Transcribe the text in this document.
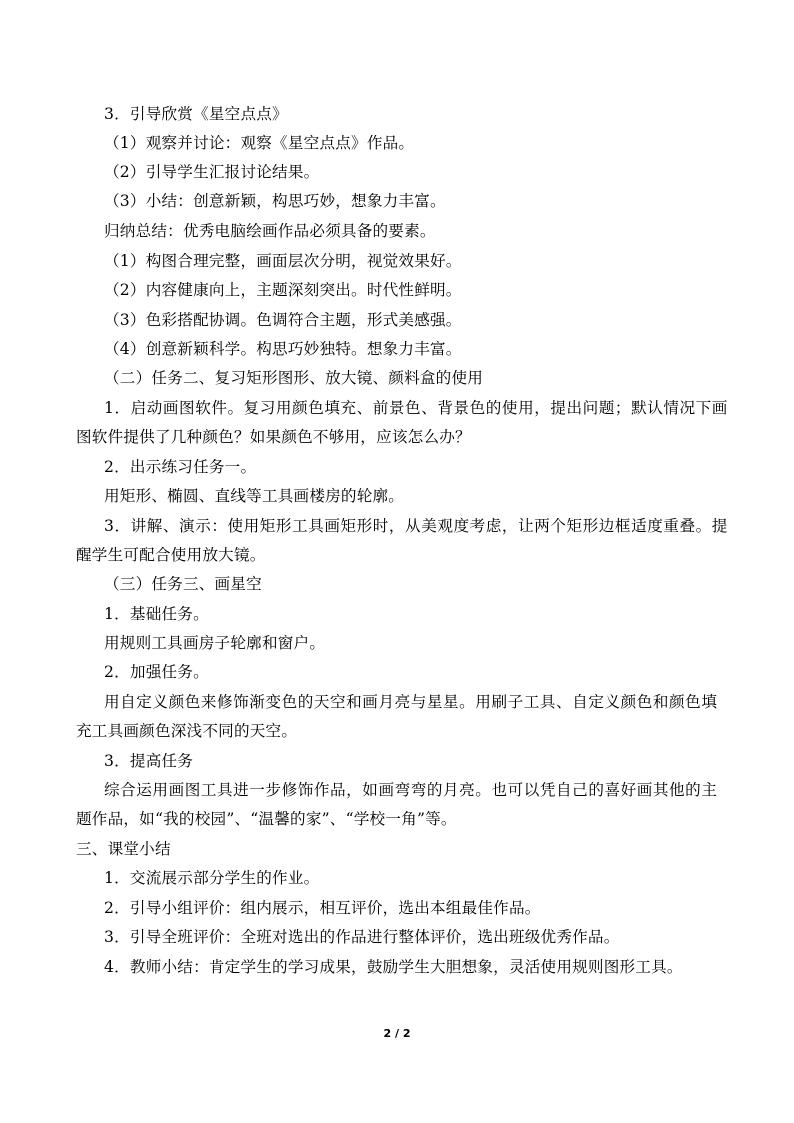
3．引导欣赏《星空点点》
（1）观察并讨论：观察《星空点点》作品。
（2）引导学生汇报讨论结果。
（3）小结：创意新颖，构思巧妙，想象力丰富。
归纳总结：优秀电脑绘画作品必须具备的要素。
（1）构图合理完整，画面层次分明，视觉效果好。
（2）内容健康向上，主题深刻突出。时代性鲜明。
（3）色彩搭配协调。色调符合主题，形式美感强。
（4）创意新颖科学。构思巧妙独特。想象力丰富。
（二）任务二、复习矩形图形、放大镜、颜料盒的使用
1．启动画图软件。复习用颜色填充、前景色、背景色的使用，提出问题；默认情况下画
图软件提供了几种颜色？如果颜色不够用，应该怎么办？
2．出示练习任务一。
用矩形、椭圆、直线等工具画楼房的轮廓。
3．讲解、演示：使用矩形工具画矩形时，从美观度考虑，让两个矩形边框适度重叠。提
醒学生可配合使用放大镜。
（三）任务三、画星空
1．基础任务。
用规则工具画房子轮廓和窗户。
2．加强任务。
用自定义颜色来修饰渐变色的天空和画月亮与星星。用刷子工具、自定义颜色和颜色填
充工具画颜色深浅不同的天空。
3．提高任务
综合运用画图工具进一步修饰作品，如画弯弯的月亮。也可以凭自己的喜好画其他的主
题作品，如“我的校园”、“温馨的家”、“学校一角”等。
三、课堂小结
1．交流展示部分学生的作业。
2．引导小组评价：组内展示，相互评价，选出本组最佳作品。
3．引导全班评价：全班对选出的作品进行整体评价，选出班级优秀作品。
4．教师小结：肯定学生的学习成果，鼓励学生大胆想象，灵活使用规则图形工具。
2 / 2
